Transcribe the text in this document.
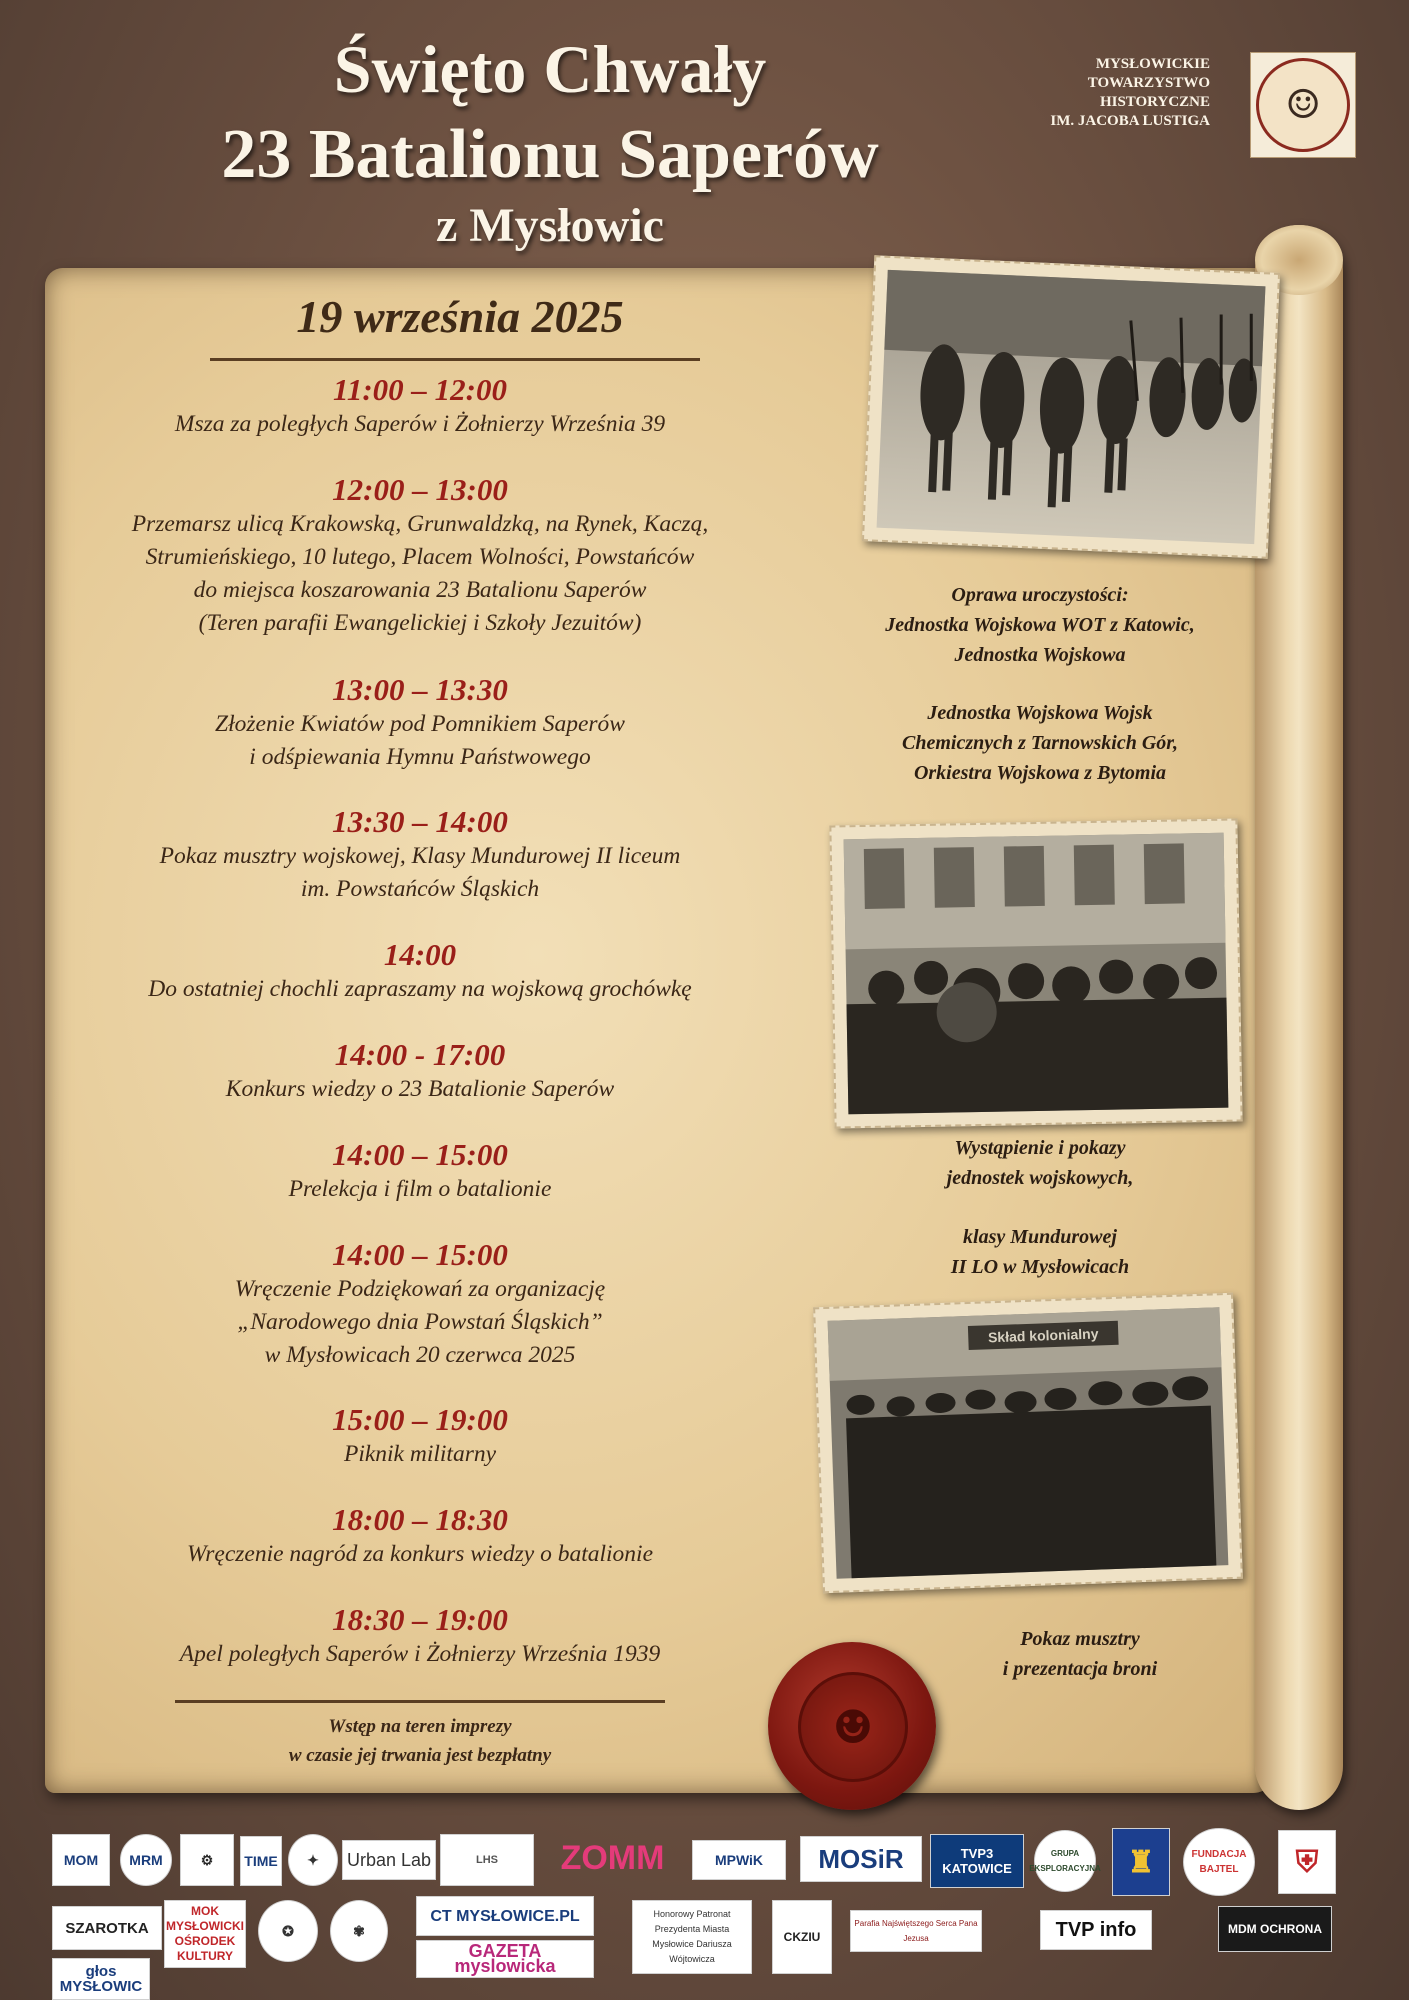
Święto Chwały
23 Batalionu Saperów
z Mysłowic
MYSŁOWICKIE
TOWARZYSTWO
HISTORYCZNE
IM. JACOBA LUSTIGA	☺
19 września 2025
11:00 – 12:00
Msza za poległych Saperów i Żołnierzy Września 39
12:00 – 13:00
Przemarsz ulicą Krakowską, Grunwaldzką, na Rynek, Kaczą,
Strumieńskiego, 10 lutego, Placem Wolności, Powstańców
do miejsca koszarowania 23 Batalionu Saperów
(Teren parafii Ewangelickiej i Szkoły Jezuitów)
13:00 – 13:30
Złożenie Kwiatów pod Pomnikiem Saperów
i odśpiewania Hymnu Państwowego
13:30 – 14:00
Pokaz musztry wojskowej, Klasy Mundurowej II liceum
im. Powstańców Śląskich
14:00
Do ostatniej chochli zapraszamy na wojskową grochówkę
14:00 - 17:00
Konkurs wiedzy o 23 Batalionie Saperów
14:00 – 15:00
Prelekcja i film o batalionie
14:00 – 15:00
Wręczenie Podziękowań za organizację
„Narodowego dnia Powstań Śląskich”
w Mysłowicach 20 czerwca 2025
15:00 – 19:00
Piknik militarny
18:00 – 18:30
Wręczenie nagród za konkurs wiedzy o batalionie
18:30 – 19:00
Apel poległych Saperów i Żołnierzy Września 1939
Wstęp na teren imprezy
w czasie jej trwania jest bezpłatny
Oprawa uroczystości:
Jednostka Wojskowa WOT z Katowic,
Jednostka Wojskowa
Jednostka Wojskowa Wojsk
Chemicznych z Tarnowskich Gór,
Orkiestra Wojskowa z Bytomia
Wystąpienie i pokazy
jednostek wojskowych,
klasy Mundurowej
II LO w Mysłowicach
Skład kolonialny
Pokaz musztry
i prezentacja broni
☻
MOM	MRM	⚙	TIME	✦	Urban Lab	LHS	ZOMM	MPWiK	MOSiR	TVP3 KATOWICE
GRUPA EKSPLORACYJNA ♜	FUNDACJA BAJTEL	⛨
SZAROTKA
MOK MYSŁOWICKI OŚRODEK KULTURY
✪	✾
CT MYSŁOWICE.PL
GAZETA myslowicka
Honorowy Patronat Prezydenta Miasta Mysłowice Dariusza Wójtowicza
CKZIU
Parafia Najświętszego Serca Pana Jezusa	TVP info	MDM OCHRONA
głos MYSŁOWIC
